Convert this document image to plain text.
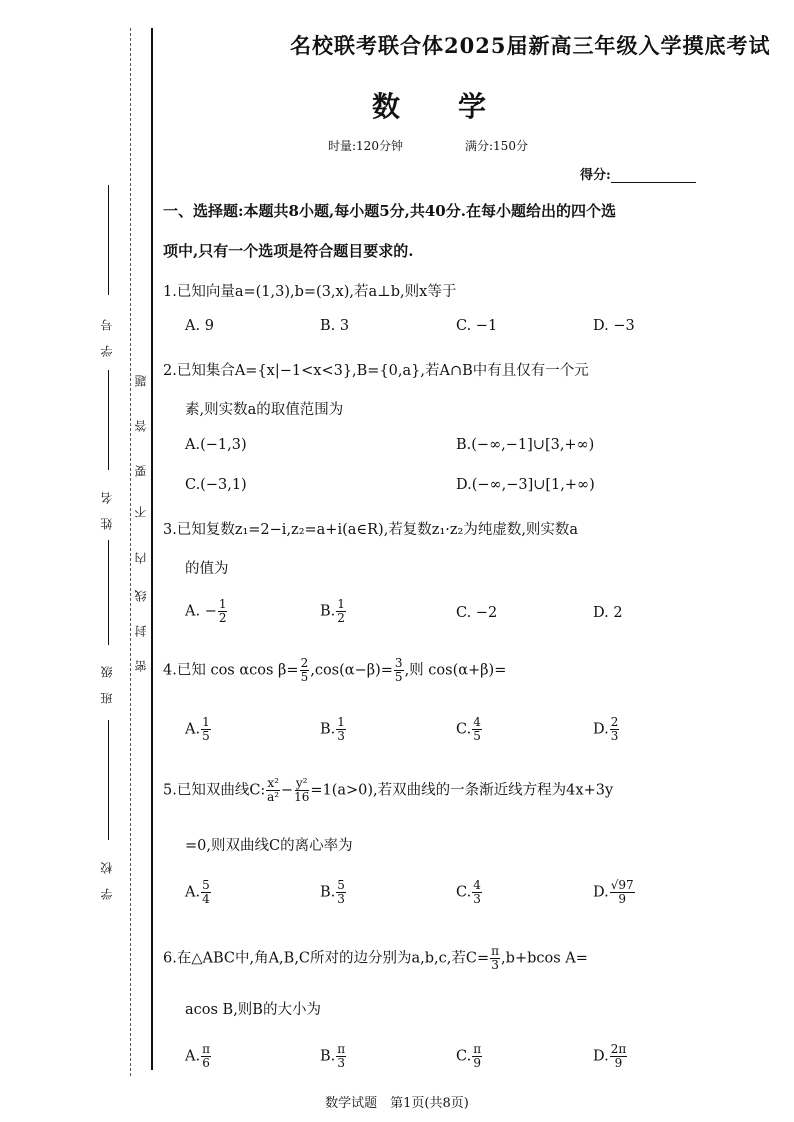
学号
姓名
班级
学校
密
封
线
内
不
要
答
题
名校联考联合体2025届新高三年级入学摸底考试
数学
时量:120分钟	满分:150分
得分:
一、选择题:本题共8小题,每小题5分,共40分.在每小题给出的四个选
项中,只有一个选项是符合题目要求的.
1.已知向量a=(1,3),b=(3,x),若a⊥b,则x等于
A. 9	B. 3	C. −1	D. −3
2.已知集合A={x|−1<x<3},B={0,a},若A∩B中有且仅有一个元
素,则实数a的取值范围为
A.(−1,3)	B.(−∞,−1]∪[3,+∞)
C.(−3,1)	D.(−∞,−3]∪[1,+∞)
3.已知复数z₁=2−i,z₂=a+i(a∈R),若复数z₁·z₂为纯虚数,则实数a
的值为
A. − $\frac{1}{2}$	B. $\frac{1}{2}$	C. −2	D. 2
4.已知 cos αcos $\beta= \frac{2}{5} ,\cos(\alpha-\beta)= \frac{3}{5}$ ,则 cos(α+β)=
A. $\frac{1}{5}$	B. $\frac{1}{3}$	C. $\frac{4}{5}$	D. $\frac{2}{3}$
5.已知双曲线C: $\frac{\text{x²}}{\text{a²}} - \frac{\text{y²}}{16} =1(a>0)$,若双曲线的一条渐近线方程为4x+3y
=0,则双曲线C的离心率为
A. $\frac{5}{4}$	B. $\frac{5}{3}$	C. $\frac{4}{3}$	D. $\frac{√97}{9}$
6.在△ABC中,角A,B,C所对的边分别为a,b,c,若$C= \frac{\pi}{3} ,b+bcos$ A=
acos B,则B的大小为
A. $\frac{\pi}{6}$	B. $\frac{\pi}{3}$	C. $\frac{\pi}{9}$	D. $\frac{2\pi}{9}$
数学试题　第1页(共8页)
